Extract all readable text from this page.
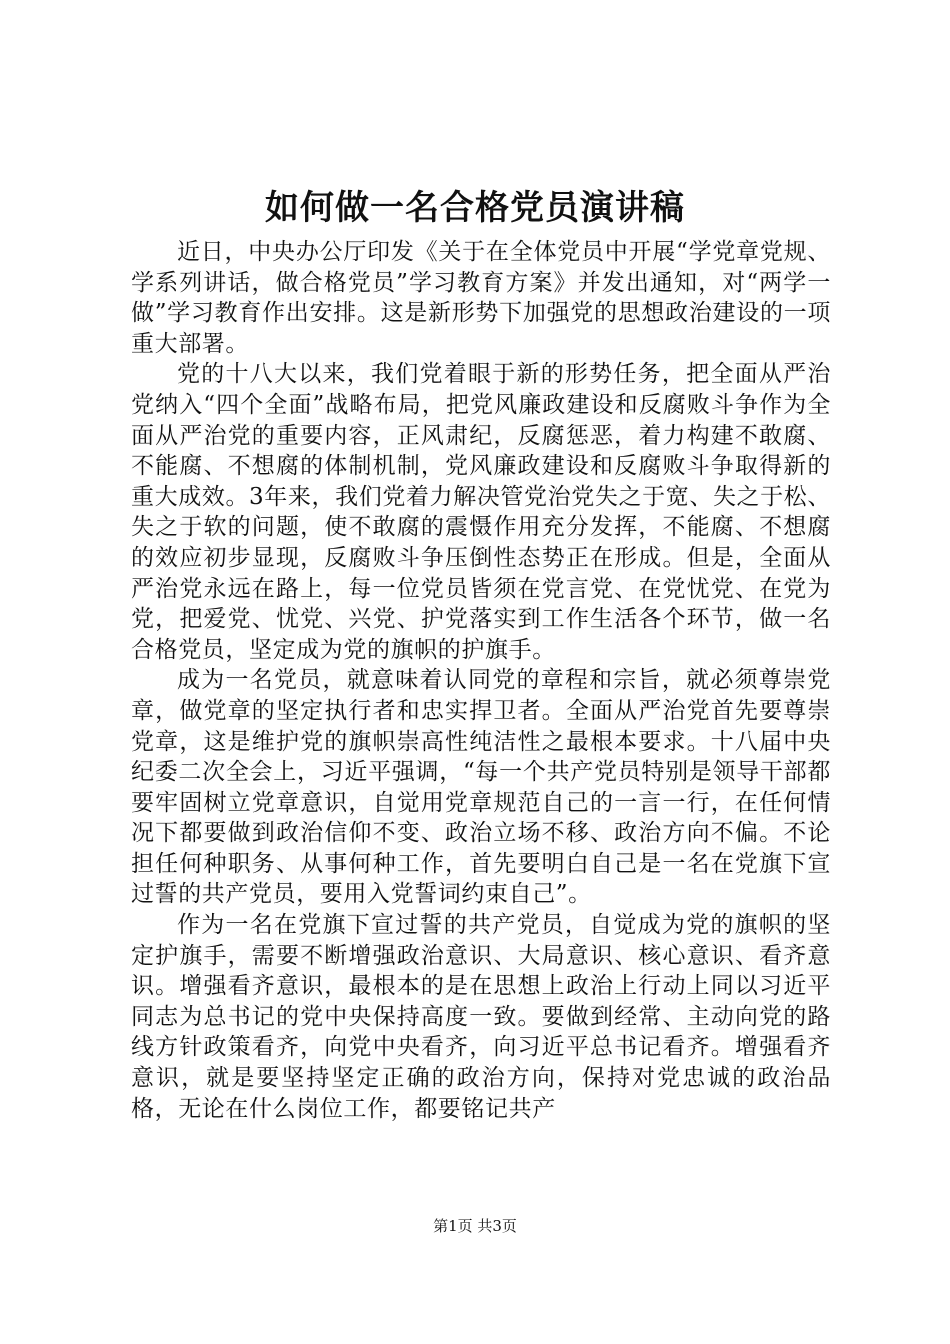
如何做一名合格党员演讲稿

近日，中央办公厅印发《关于在全体党员中开展“学党章党规、学系列讲话，做合格党员”学习教育方案》并发出通知，对“两学一做”学习教育作出安排。这是新形势下加强党的思想政治建设的一项重大部署。

党的十八大以来，我们党着眼于新的形势任务，把全面从严治党纳入“四个全面”战略布局，把党风廉政建设和反腐败斗争作为全面从严治党的重要内容，正风肃纪，反腐惩恶，着力构建不敢腐、不能腐、不想腐的体制机制，党风廉政建设和反腐败斗争取得新的重大成效。3年来，我们党着力解决管党治党失之于宽、失之于松、失之于软的问题，使不敢腐的震慑作用充分发挥，不能腐、不想腐的效应初步显现，反腐败斗争压倒性态势正在形成。但是，全面从严治党永远在路上，每一位党员皆须在党言党、在党忧党、在党为党，把爱党、忧党、兴党、护党落实到工作生活各个环节，做一名合格党员，坚定成为党的旗帜的护旗手。

成为一名党员，就意味着认同党的章程和宗旨，就必须尊崇党章，做党章的坚定执行者和忠实捍卫者。全面从严治党首先要尊崇党章，这是维护党的旗帜崇高性纯洁性之最根本要求。十八届中央纪委二次全会上，习近平强调，“每一个共产党员特别是领导干部都要牢固树立党章意识，自觉用党章规范自己的一言一行，在任何情况下都要做到政治信仰不变、政治立场不移、政治方向不偏。不论担任何种职务、从事何种工作，首先要明白自己是一名在党旗下宣过誓的共产党员，要用入党誓词约束自己”。

作为一名在党旗下宣过誓的共产党员，自觉成为党的旗帜的坚定护旗手，需要不断增强政治意识、大局意识、核心意识、看齐意识。增强看齐意识，最根本的是在思想上政治上行动上同以习近平同志为总书记的党中央保持高度一致。要做到经常、主动向党的路线方针政策看齐，向党中央看齐，向习近平总书记看齐。增强看齐意识，就是要坚持坚定正确的政治方向，保持对党忠诚的政治品格，无论在什么岗位工作，都要铭记共产

第1页 共3页
